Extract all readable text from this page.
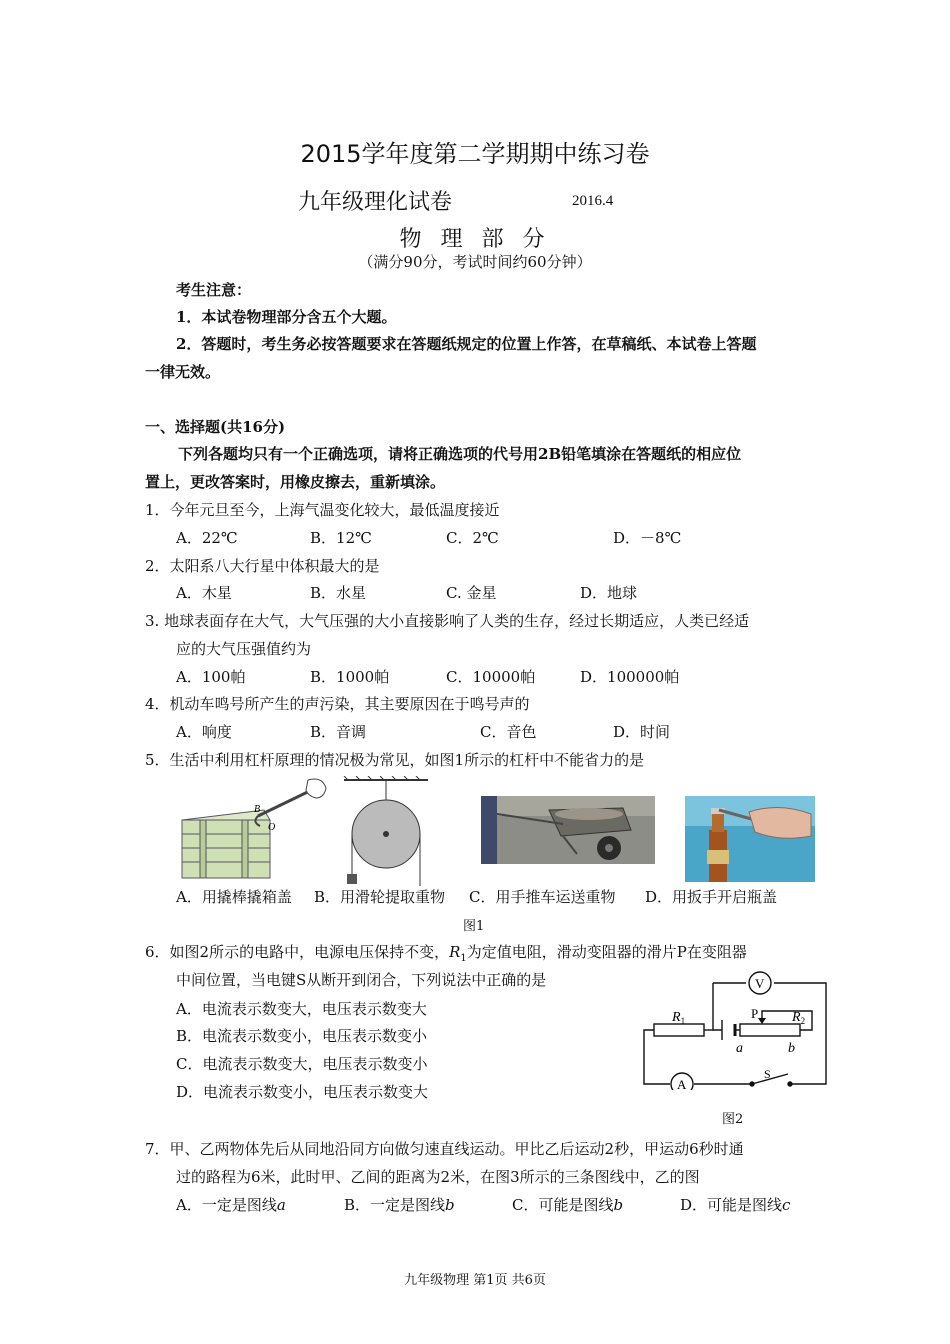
2015学年度第二学期期中练习卷
九年级理化试卷	2016.4
物 理 部 分
（满分90分，考试时间约60分钟）
考生注意：
1．本试卷物理部分含五个大题。
2．答题时，考生务必按答题要求在答题纸规定的位置上作答，在草稿纸、本试卷上答题
一律无效。
一、选择题(共16分)
下列各题均只有一个正确选项，请将正确选项的代号用2B铅笔填涂在答题纸的相应位
置上，更改答案时，用橡皮擦去，重新填涂。
1．今年元旦至今，上海气温变化较大，最低温度接近
A．22℃	B．12℃	C．2℃	D．－8℃
2．太阳系八大行星中体积最大的是
A．木星	B．水星	C. 金星	D．地球
3. 地球表面存在大气，大气压强的大小直接影响了人类的生存，经过长期适应，人类已经适
应的大气压强值约为
A．100帕	B．1000帕	C．10000帕	D．100000帕
4．机动车鸣号所产生的声污染，其主要原因在于鸣号声的
A．响度	B．音调	C．音色	D．时间
5．生活中利用杠杆原理的情况极为常见，如图1所示的杠杆中不能省力的是
B
O
A．用撬棒撬箱盖 B．用滑轮提取重物 C．用手推车运送重物 D．用扳手开启瓶盖
图1
6．如图2所示的电路中，电源电压保持不变，$R_1$为定值电阻，滑动变阻器的滑片P在变阻器
中间位置，当电键S从断开到闭合，下列说法中正确的是
A．电流表示数变大，电压表示数变大
B．电流表示数变小，电压表示数变小
C．电流表示数变大，电压表示数变小
D．电流表示数变小，电压表示数变大
V
A
P
$R_1$	$R_2$
a	b
S
图2
7．甲、乙两物体先后从同地沿同方向做匀速直线运动。甲比乙后运动2秒，甲运动6秒时通
过的路程为6米，此时甲、乙间的距离为2米，在图3所示的三条图线中，乙的图
A．一定是图线a	B．一定是图线b	C．可能是图线b	D．可能是图线c
九年级物理 第1页 共6页
